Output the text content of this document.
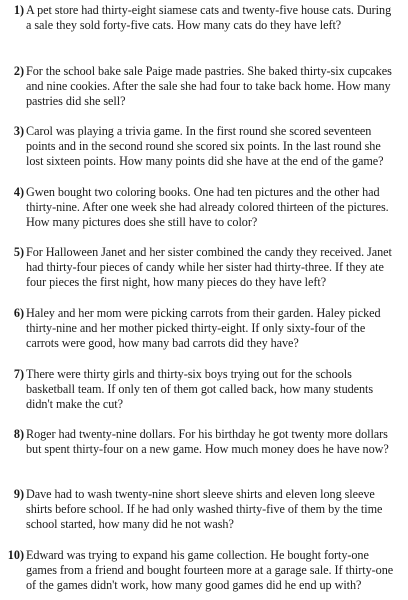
1) A pet store had thirty-eight siamese cats and twenty-five house cats. During
a sale they sold forty-five cats. How many cats do they have left?
2) For the school bake sale Paige made pastries. She baked thirty-six cupcakes
and nine cookies. After the sale she had four to take back home. How many
pastries did she sell?
3) Carol was playing a trivia game. In the first round she scored seventeen
points and in the second round she scored six points. In the last round she
lost sixteen points. How many points did she have at the end of the game?
4) Gwen bought two coloring books. One had ten pictures and the other had
thirty-nine. After one week she had already colored thirteen of the pictures.
How many pictures does she still have to color?
5) For Halloween Janet and her sister combined the candy they received. Janet
had thirty-four pieces of candy while her sister had thirty-three. If they ate
four pieces the first night, how many pieces do they have left?
6) Haley and her mom were picking carrots from their garden. Haley picked
thirty-nine and her mother picked thirty-eight. If only sixty-four of the
carrots were good, how many bad carrots did they have?
7) There were thirty girls and thirty-six boys trying out for the schools
basketball team. If only ten of them got called back, how many students
didn't make the cut?
8) Roger had twenty-nine dollars. For his birthday he got twenty more dollars
but spent thirty-four on a new game. How much money does he have now?
9) Dave had to wash twenty-nine short sleeve shirts and eleven long sleeve
shirts before school. If he had only washed thirty-five of them by the time
school started, how many did he not wash?
10) Edward was trying to expand his game collection. He bought forty-one
games from a friend and bought fourteen more at a garage sale. If thirty-one
of the games didn't work, how many good games did he end up with?
